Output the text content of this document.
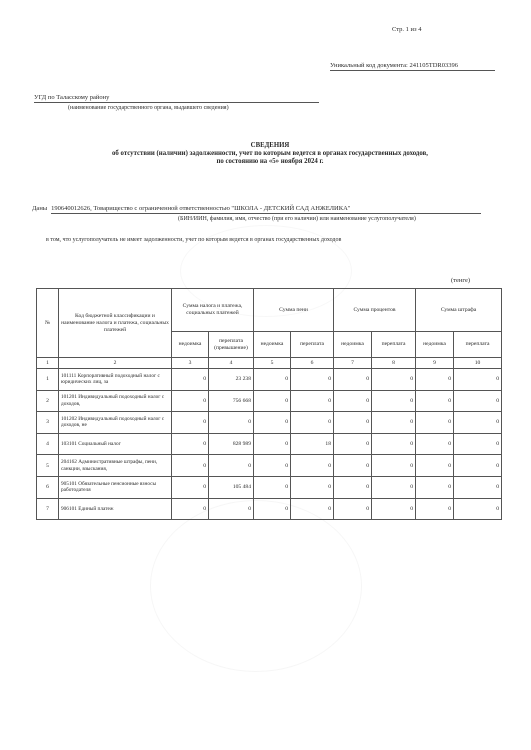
Стр. 1 из 4
Уникальный код документа: 241105TDR03396
УГД по Таласскому району
(наименование государственного органа, выдавшего сведения)
СВЕДЕНИЯ
об отсутствии (наличии) задолженности, учет по которым ведется в органах государственных доходов,
по состоянию на «5» ноября 2024 г.
Даны 190640012626, Товарищество с ограниченной ответственностью "ШКОЛА - ДЕТСКИЙ САД АНЖЕЛИКА"
(БИН/ИИН, фамилия, имя, отчество (при его наличии) или наименование услугополучателя)
в том, что услугополучатель не имеет задолженности, учет по которым ведется в органах государственных доходов
(тенге)
№	Код бюджетной классификации и наименование налога и платежа, социальных платежей	Сумма налога и платежа, социальных платежей		Сумма пени		Сумма процентов		Сумма штрафа	
		недоимка	переплата (превышение)	недоимка	переплата	недоимка	переплата	недоимка	переплата
1	2	3	4	5	6	7	8	9	10
1	101111 Корпоративный подоходный налог с юридических лиц, за	0	23 238	0	0	0	0	0	0
2	101201 Индивидуальный подоходный налог с доходов,	0	756 668	0	0	0	0	0	0
3	101202 Индивидуальный подоходный налог с доходов, не	0	0	0	0	0	0	0	0
4	103101 Социальный налог	0	828 989	0	18	0	0	0	0
5	204162 Административные штрафы, пени, санкции, взыскания,	0	0	0	0	0	0	0	0
6	905101 Обязательные пенсионные взносы работодателя	0	105 484	0	0	0	0	0	0
7	906101 Единый платеж	0	0	0	0	0	0	0	0
